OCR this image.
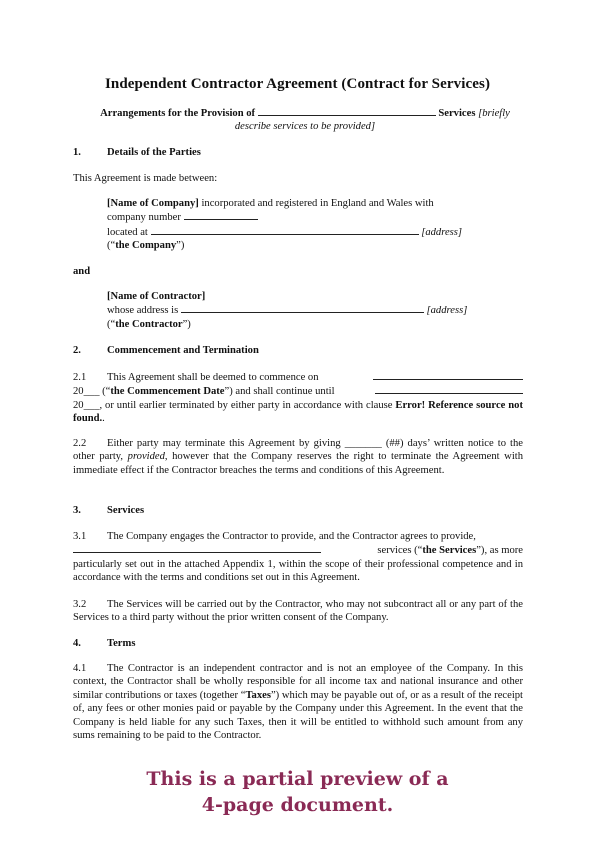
Independent Contractor Agreement (Contract for Services)
Arrangements for the Provision of	Services [briefly
describe services to be provided]
1. Details of the Parties
This Agreement is made between:
[Name of Company] incorporated and registered in England and Wales with
company number
located at	[address]
(“the Company”)
and
[Name of Contractor]
whose address is	[address]
(“the Contractor”)
2. Commencement and Termination
2.1 This Agreement shall be deemed to commence on
20___ (“the Commencement Date”) and shall continue until
20___, or until earlier terminated by either party in accordance with clause Error! Reference source not found..
2.2 Either party may terminate this Agreement by giving _______ (##) days’ written notice to the other party, provided, however that the Company reserves the right to terminate the Agreement with immediate effect if the Contractor breaches the terms and conditions of this Agreement.
3. Services
3.1 The Company engages the Contractor to provide, and the Contractor agrees to provide,
services (“the Services”), as more
particularly set out in the attached Appendix 1, within the scope of their professional competence and in accordance with the terms and conditions set out in this Agreement.
3.2 The Services will be carried out by the Contractor, who may not subcontract all or any part of the Services to a third party without the prior written consent of the Company.
4. Terms
4.1 The Contractor is an independent contractor and is not an employee of the Company. In this context, the Contractor shall be wholly responsible for all income tax and national insurance and other similar contributions or taxes (together “Taxes”) which may be payable out of, or as a result of the receipt of, any fees or other monies paid or payable by the Company under this Agreement. In the event that the Company is held liable for any such Taxes, then it will be entitled to withhold such amount from any sums remaining to be paid to the Contractor.
This is a partial preview of a
4-page document.
